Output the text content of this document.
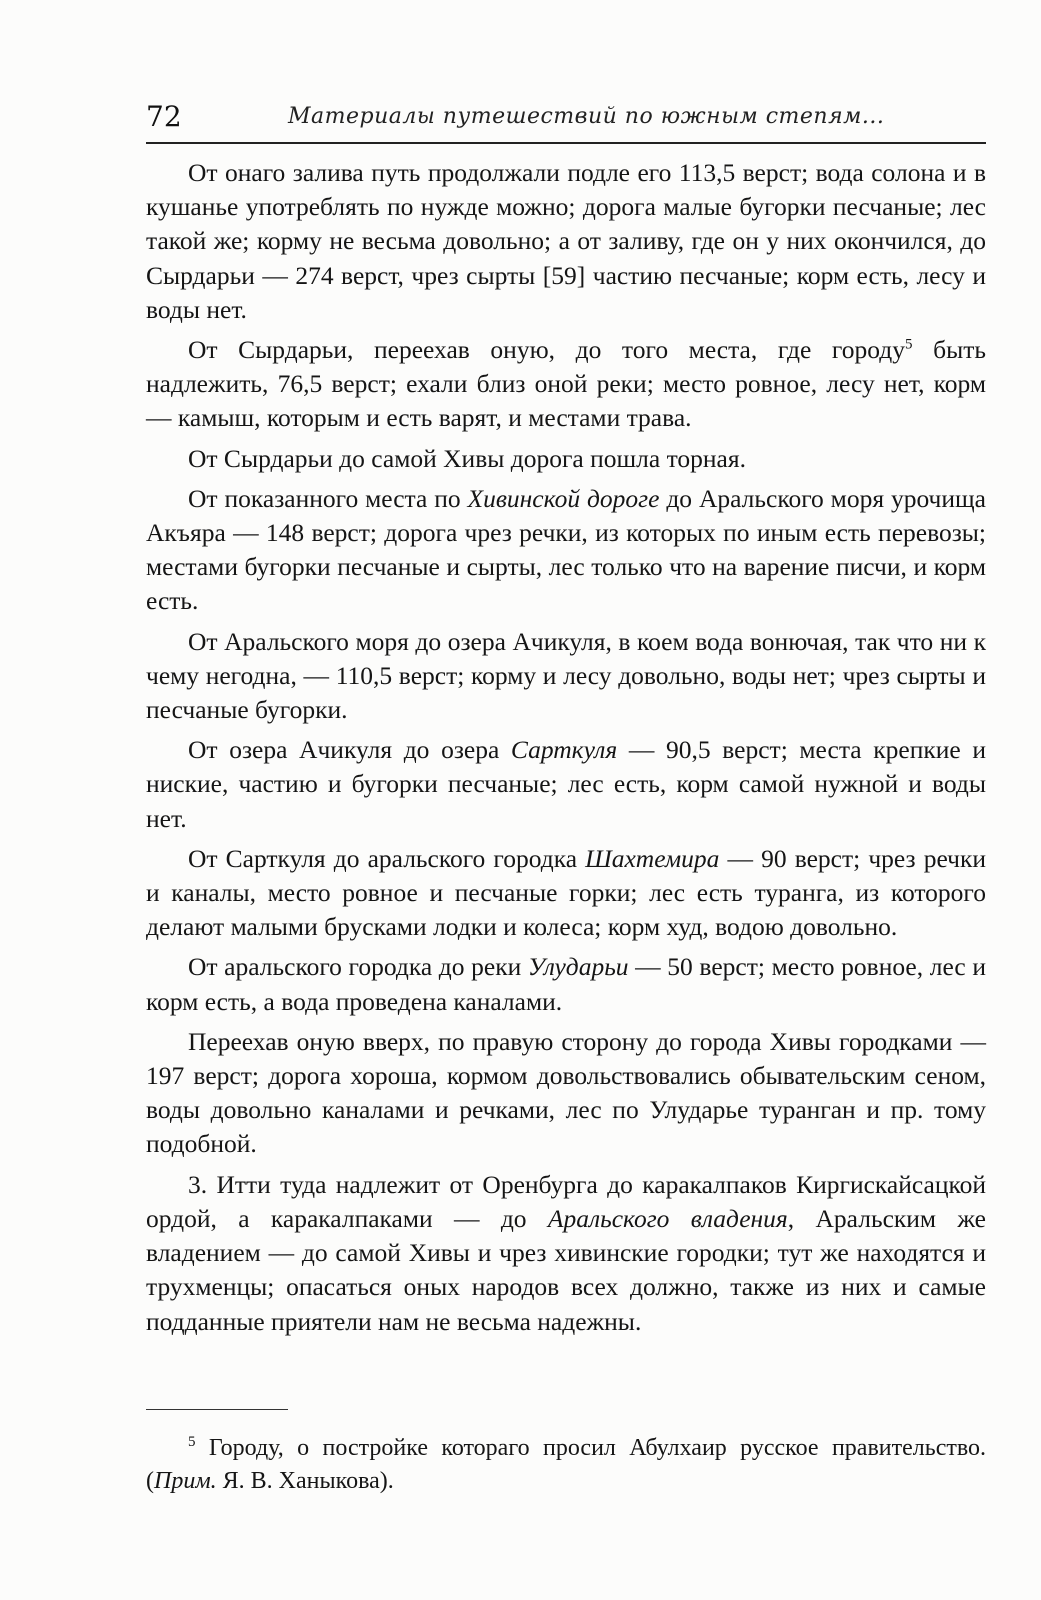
72	Материалы путешествий по южным степям...

От онаго залива путь продолжали подле его 113,5 верст; вода солона и в кушанье употреблять по нужде можно; дорога малые бугорки песчаные; лес такой же; корму не весьма довольно; а от заливу, где он у них окончился, до Сырдарьи — 274 верст, чрез сырты [59] частию песчаные; корм есть, лесу и воды нет.

От Сырдарьи, переехав оную, до того места, где городу$^5$ быть надлежить, 76,5 верст; ехали близ оной реки; место ровное, лесу нет, корм — камыш, которым и есть варят, и местами трава.

От Сырдарьи до самой Хивы дорога пошла торная.

От показанного места по Хивинской дороге до Аральского моря урочища Акъяра — 148 верст; дорога чрез речки, из которых по иным есть перевозы; местами бугорки песчаные и сырты, лес только что на варение писчи, и корм есть.

От Аральского моря до озера Ачикуля, в коем вода вонючая, так что ни к чему негодна, — 110,5 верст; корму и лесу довольно, воды нет; чрез сырты и песчаные бугорки.

От озера Ачикуля до озера Сарткуля — 90,5 верст; места крепкие и ниские, частию и бугорки песчаные; лес есть, корм самой нужной и воды нет.

От Сарткуля до аральского городка Шахтемира — 90 верст; чрез речки и каналы, место ровное и песчаные горки; лес есть туранга, из которого делают малыми брусками лодки и колеса; корм худ, водою довольно.

От аральского городка до реки Улударьи — 50 верст; место ровное, лес и корм есть, а вода проведена каналами.

Переехав оную вверх, по правую сторону до города Хивы городками — 197 верст; дорога хороша, кормом довольствовались обывательским сеном, воды довольно каналами и речками, лес по Улударье туранган и пр. тому подобной.

3. Итти туда надлежит от Оренбурга до каракалпаков Киргискайсацкой ордой, а каракалпаками — до Аральского владения, Аральским же владением — до самой Хивы и чрез хивинские городки; тут же находятся и трухменцы; опасаться оных народов всех должно, также из них и самые подданные приятели нам не весьма надежны.

$^5$ Городу, о постройке котораго просил Абулхаир русское правительство. (Прим. Я. В. Ханыкова).
